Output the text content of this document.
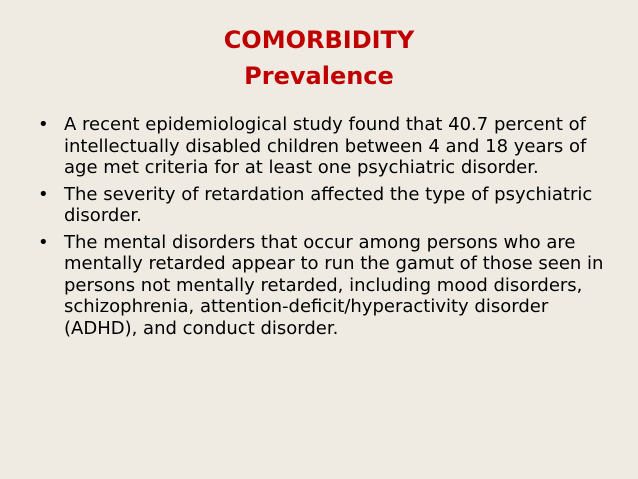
COMORBIDITY
Prevalence
• A recent epidemiological study found that 40.7 percent of intellectually disabled children between 4 and 18 years of age met criteria for at least one psychiatric disorder.
• The severity of retardation affected the type of psychiatric disorder.
• The mental disorders that occur among persons who are mentally retarded appear to run the gamut of those seen in persons not mentally retarded, including mood disorders, schizophrenia, attention-deficit/hyperactivity disorder (ADHD), and conduct disorder.
